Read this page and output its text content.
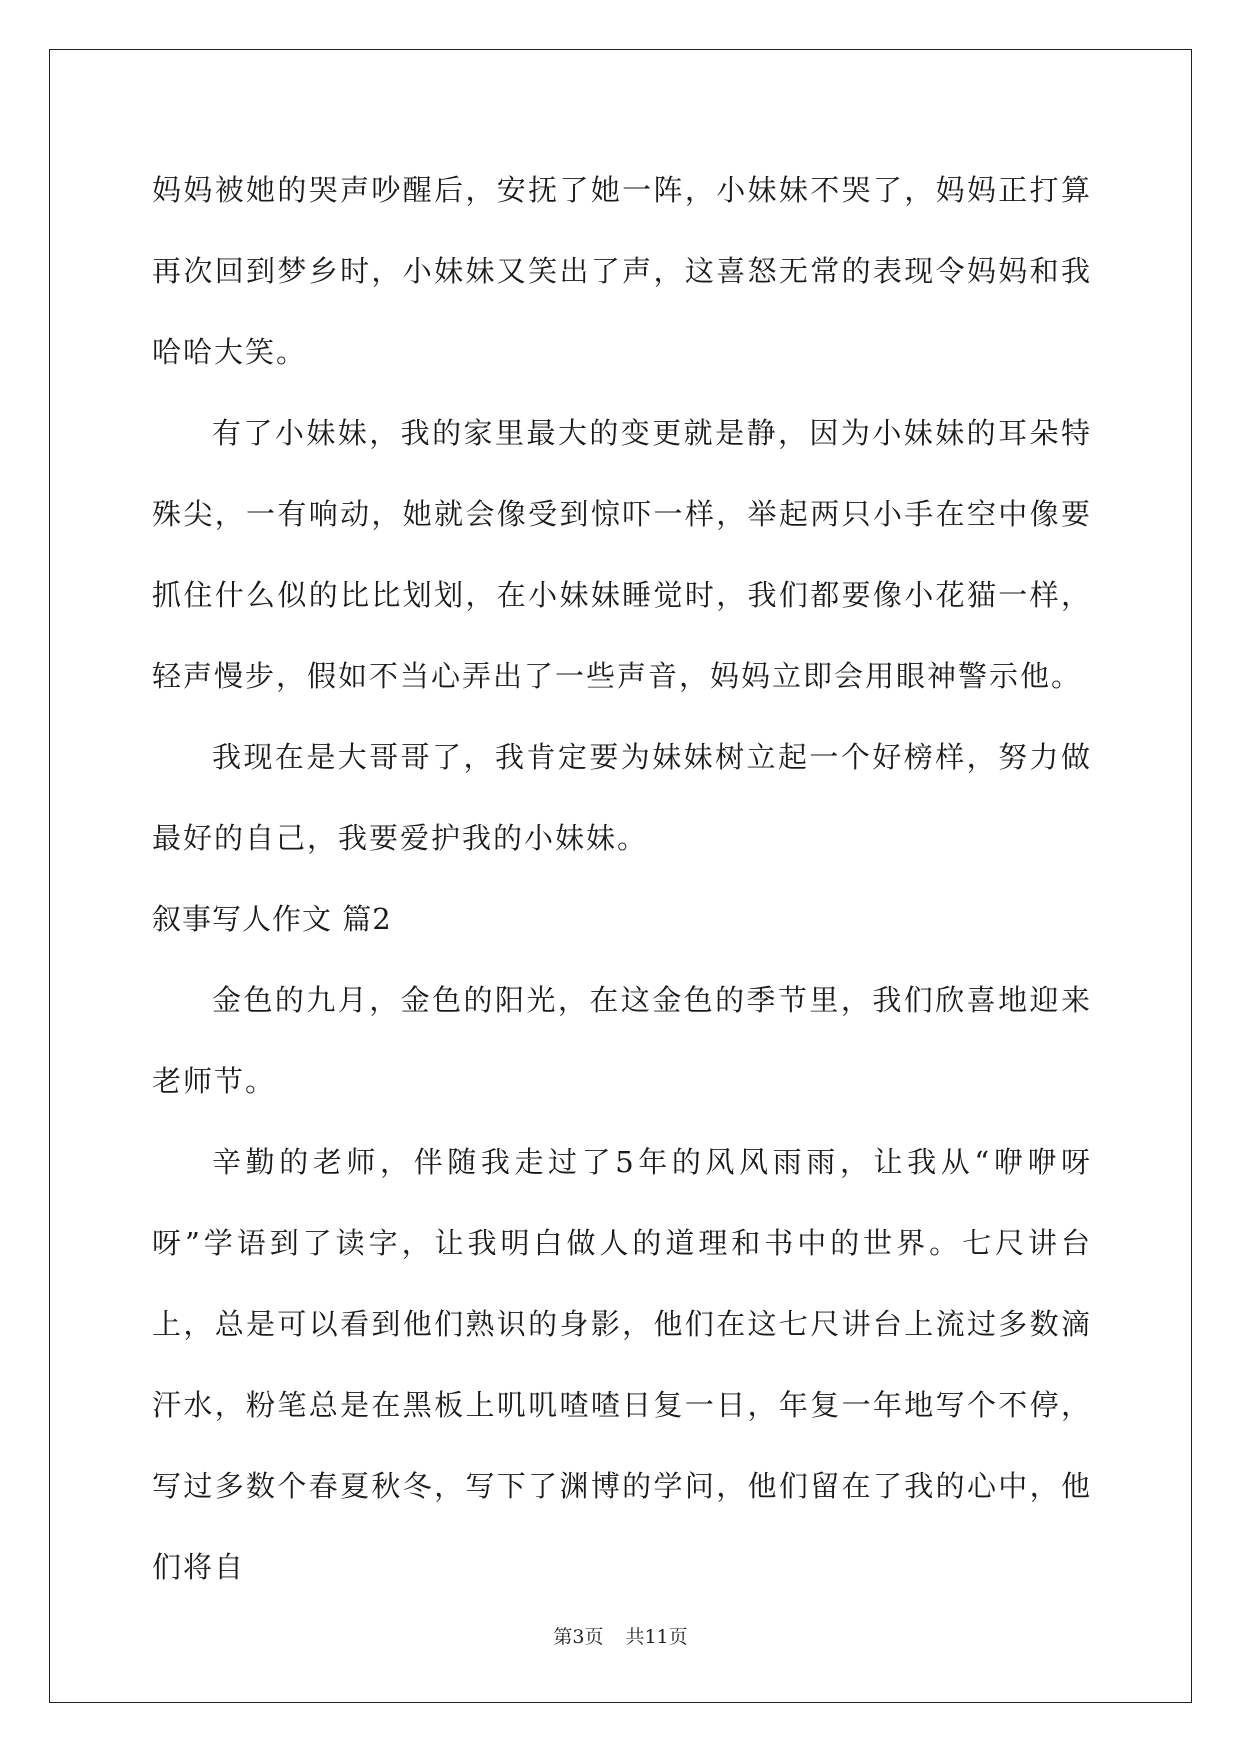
妈妈被她的哭声吵醒后，安抚了她一阵，小妹妹不哭了，妈妈正打算再次回到梦乡时，小妹妹又笑出了声，这喜怒无常的表现令妈妈和我哈哈大笑。

有了小妹妹，我的家里最大的变更就是静，因为小妹妹的耳朵特殊尖，一有响动，她就会像受到惊吓一样，举起两只小手在空中像要抓住什么似的比比划划，在小妹妹睡觉时，我们都要像小花猫一样，轻声慢步，假如不当心弄出了一些声音，妈妈立即会用眼神警示他。

我现在是大哥哥了，我肯定要为妹妹树立起一个好榜样，努力做最好的自己，我要爱护我的小妹妹。

叙事写人作文 篇2

金色的九月，金色的阳光，在这金色的季节里，我们欣喜地迎来老师节。

辛勤的老师，伴随我走过了5年的风风雨雨，让我从“咿咿呀呀”学语到了读字，让我明白做人的道理和书中的世界。七尺讲台上，总是可以看到他们熟识的身影，他们在这七尺讲台上流过多数滴汗水，粉笔总是在黑板上叽叽喳喳日复一日，年复一年地写个不停，写过多数个春夏秋冬，写下了渊博的学问，他们留在了我的心中，他们将自

第3页 共11页
